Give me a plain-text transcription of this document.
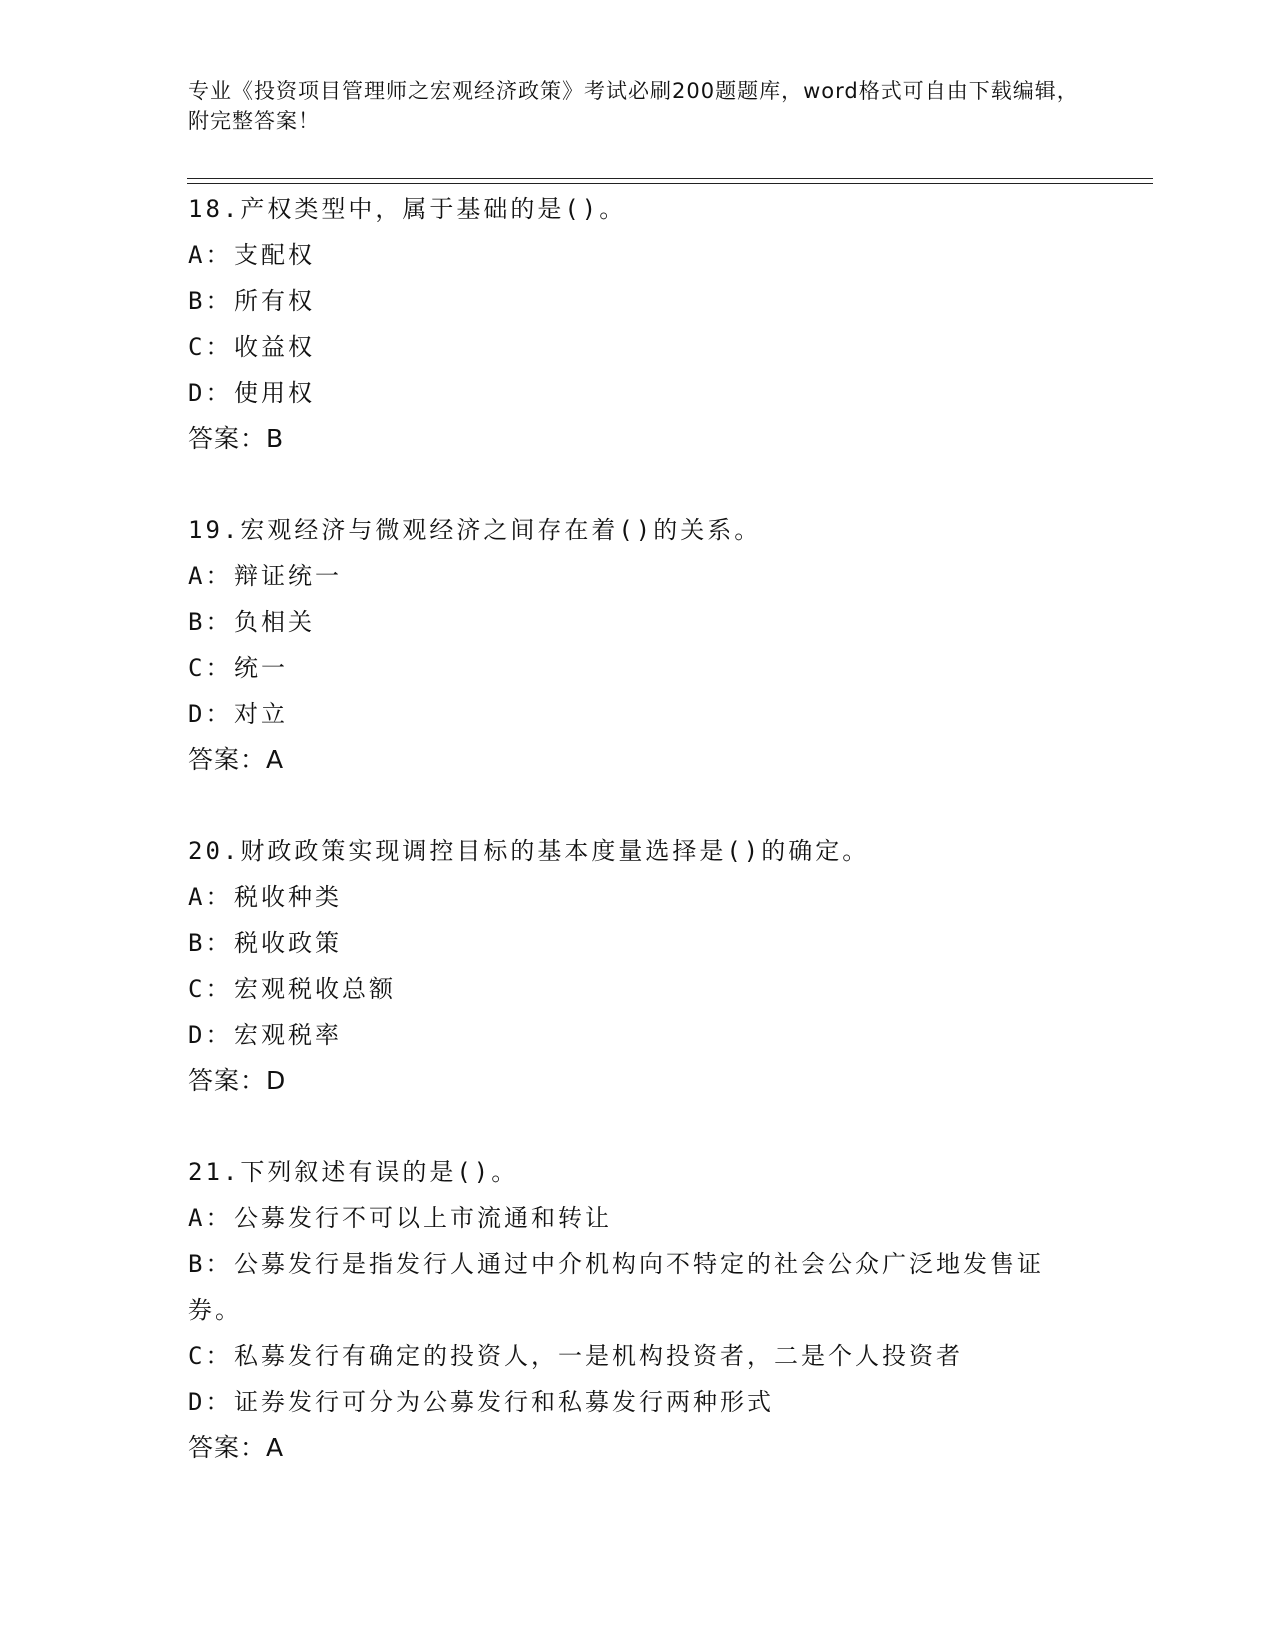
专业《投资项目管理师之宏观经济政策》考试必刷200题题库，word格式可自由下载编辑，附完整答案！
18.产权类型中，属于基础的是()。
A：支配权
B：所有权
C：收益权
D：使用权
答案：B
19.宏观经济与微观经济之间存在着()的关系。
A：辩证统一
B：负相关
C：统一
D：对立
答案：A
20.财政政策实现调控目标的基本度量选择是()的确定。
A：税收种类
B：税收政策
C：宏观税收总额
D：宏观税率
答案：D
21.下列叙述有误的是()。
A：公募发行不可以上市流通和转让
B：公募发行是指发行人通过中介机构向不特定的社会公众广泛地发售证券。
C：私募发行有确定的投资人，一是机构投资者，二是个人投资者
D：证券发行可分为公募发行和私募发行两种形式
答案：A
